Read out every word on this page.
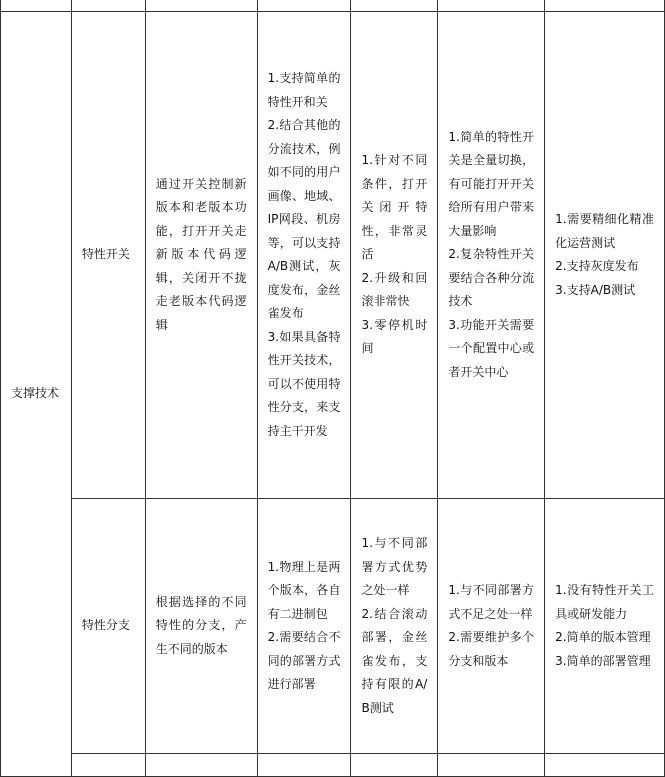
支撑技术	特性开关	通过开关控制新版本和老版本功能，打开开关走新版本代码逻辑，关闭开不拢走老版本代码逻辑	1.支持简单的特性开和关
2.结合其他的分流技术，例如不同的用户画像、地域、IP网段、机房等，可以支持A/B测试，灰度发布，金丝雀发布
3.如果具备特性开关技术，可以不使用特性分支，来支持主干开发	1.针对不同条件，打开关闭开特性，非常灵活
2.升级和回滚非常快
3.零停机时间	1.简单的特性开关是全量切换，有可能打开开关给所有用户带来大量影响
2.复杂特性开关要结合各种分流技术
3.功能开关需要一个配置中心或者开关中心	1.需要精细化精准化运营测试
2.支持灰度发布
3.支持A/B测试

	特性分支	根据选择的不同特性的分支，产生不同的版本	1.物理上是两个版本，各自有二进制包
2.需要结合不同的部署方式进行部署	1.与不同部署方式优势之处一样
2.结合滚动部署，金丝雀发布，支持有限的A/B测试	1.与不同部署方式不足之处一样
2.需要维护多个分支和版本	1.没有特性开关工具或研发能力
2.简单的版本管理
3.简单的部署管理
